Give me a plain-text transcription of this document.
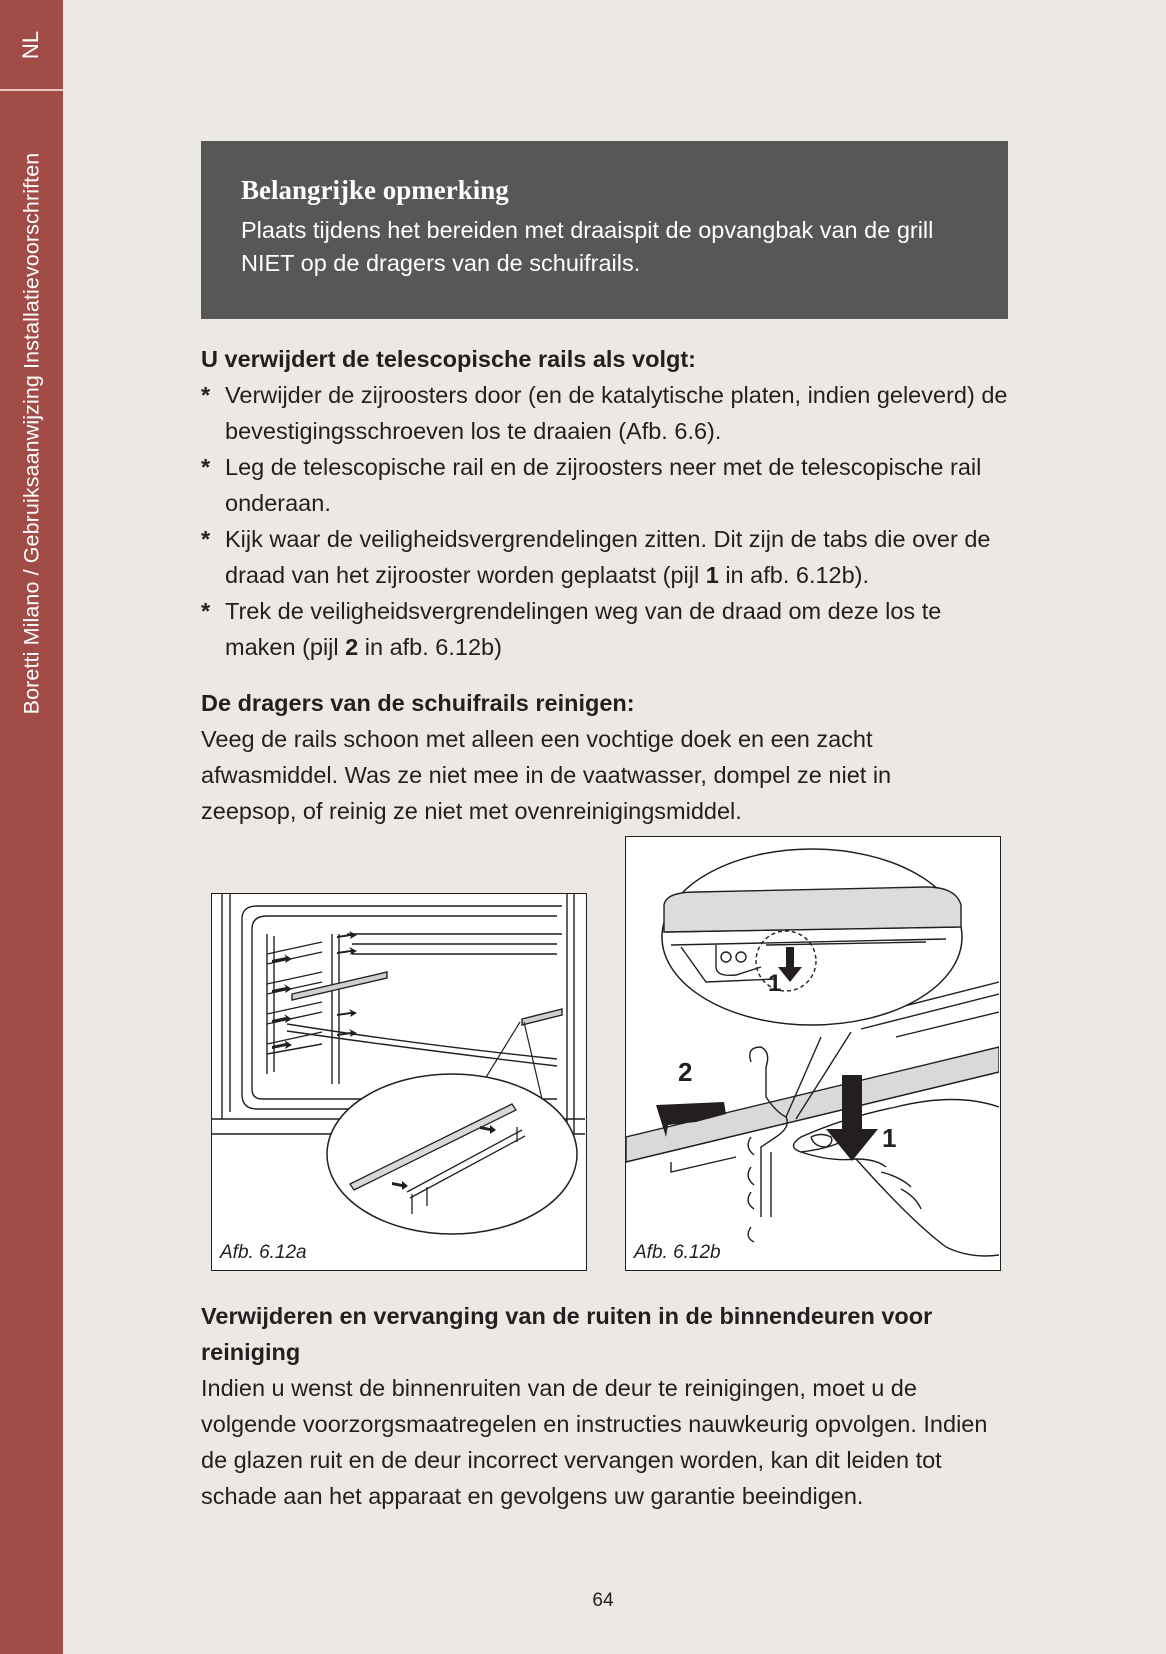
NL
Boretti Milano / Gebruiksaanwijzing Installatievoorschriften	Belangrijke opmerking

Plaats tijdens het bereiden met draaispit de opvangbak van de grill NIET op de dragers van de schuifrails.

U verwijdert de telescopische rails als volgt:
* Verwijder de zijroosters door (en de katalytische platen, indien geleverd) de bevestigingsschroeven los te draaien (Afb. 6.6).
* Leg de telescopische rail en de zijroosters neer met de telescopische rail onderaan.
* Kijk waar de veiligheidsvergrendelingen zitten. Dit zijn de tabs die over de draad van het zijrooster worden geplaatst (pijl 1 in afb. 6.12b).
* Trek de veiligheidsvergrendelingen weg van de draad om deze los te maken (pijl 2 in afb. 6.12b)
De dragers van de schuifrails reinigen:

Veeg de rails schoon met alleen een vochtige doek en een zacht afwasmiddel. Was ze niet mee in de vaatwasser, dompel ze niet in zeepsop, of reinig ze niet met ovenreinigingsmiddel.

Afb. 6.12a
1
2
1
Afb. 6.12b
Verwijderen en vervanging van de ruiten in de binnendeuren voor reiniging

Indien u wenst de binnenruiten van de deur te reinigingen, moet u de volgende voorzorgsmaatregelen en instructies nauwkeurig opvolgen. Indien de glazen ruit en de deur incorrect vervangen worden, kan dit leiden tot schade aan het apparaat en gevolgens uw garantie beeindigen.

64
